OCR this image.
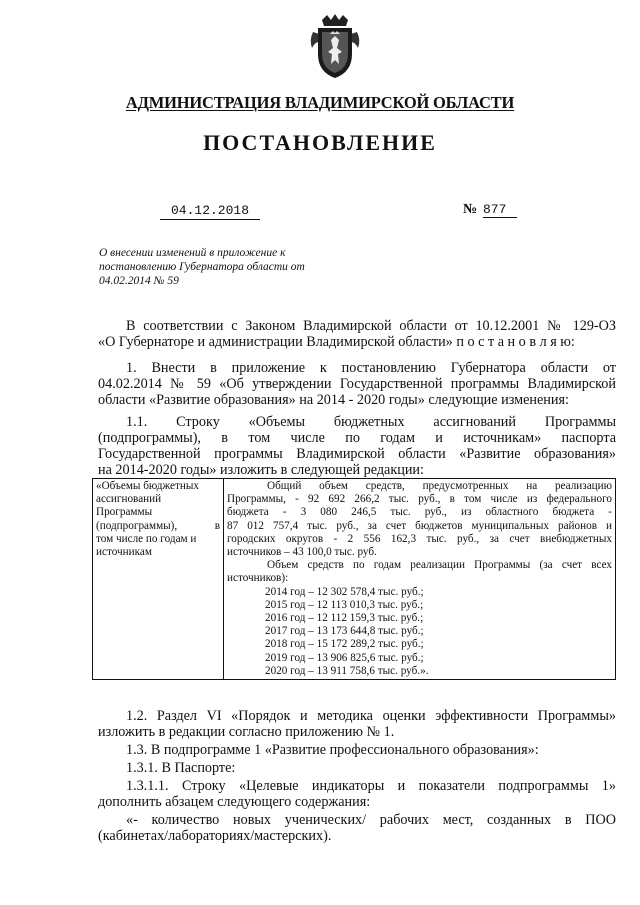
АДМИНИСТРАЦИЯ ВЛАДИМИРСКОЙ ОБЛАСТИ
ПОСТАНОВЛЕНИЕ
04.12.2018	№ 877
О внесении изменений в приложение к
постановлению Губернатора области от
04.02.2014 № 59
В соответствии с Законом Владимирской области от 10.12.2001 № 129-ОЗ
«О Губернаторе и администрации Владимирской области» п о с т а н о в л я ю:
1. Внести в приложение к постановлению Губернатора области от
04.02.2014 № 59 «Об утверждении Государственной программы Владимирской
области «Развитие образования» на 2014 - 2020 годы» следующие изменения:
1.1. Строку «Объемы бюджетных ассигнований Программы
(подпрограммы), в том числе по годам и источникам» паспорта
Государственной программы Владимирской области «Развитие образования»
на 2014-2020 годы» изложить в следующей редакции:
«Объемы бюджетных
ассигнований
Программы
(подпрограммы), в
том числе по годам и
источникам

Общий объем средств, предусмотренных на реализацию
Программы, - 92 692 266,2 тыс. руб., в том числе из федерального
бюджета - 3 080 246,5 тыс. руб., из областного бюджета -
87 012 757,4 тыс. руб., за счет бюджетов муниципальных районов и
городских округов - 2 556 162,3 тыс. руб., за счет внебюджетных
источников – 43 100,0 тыс. руб.
Объем средств по годам реализации Программы (за счет всех
источников):
2014 год – 12 302 578,4 тыс. руб.;
2015 год – 12 113 010,3 тыс. руб.;
2016 год – 12 112 159,3 тыс. руб.;
2017 год – 13 173 644,8 тыс. руб.;
2018 год – 15 172 289,2 тыс. руб.;
2019 год – 13 906 825,6 тыс. руб.;
2020 год – 13 911 758,6 тыс. руб.».
1.2. Раздел VI «Порядок и методика оценки эффективности Программы»
изложить в редакции согласно приложению № 1.
1.3. В подпрограмме 1 «Развитие профессионального образования»:
1.3.1. В Паспорте:
1.3.1.1. Строку «Целевые индикаторы и показатели подпрограммы 1»
дополнить абзацем следующего содержания:
«- количество новых ученических/ рабочих мест, созданных в ПОО
(кабинетах/лабораториях/мастерских).
